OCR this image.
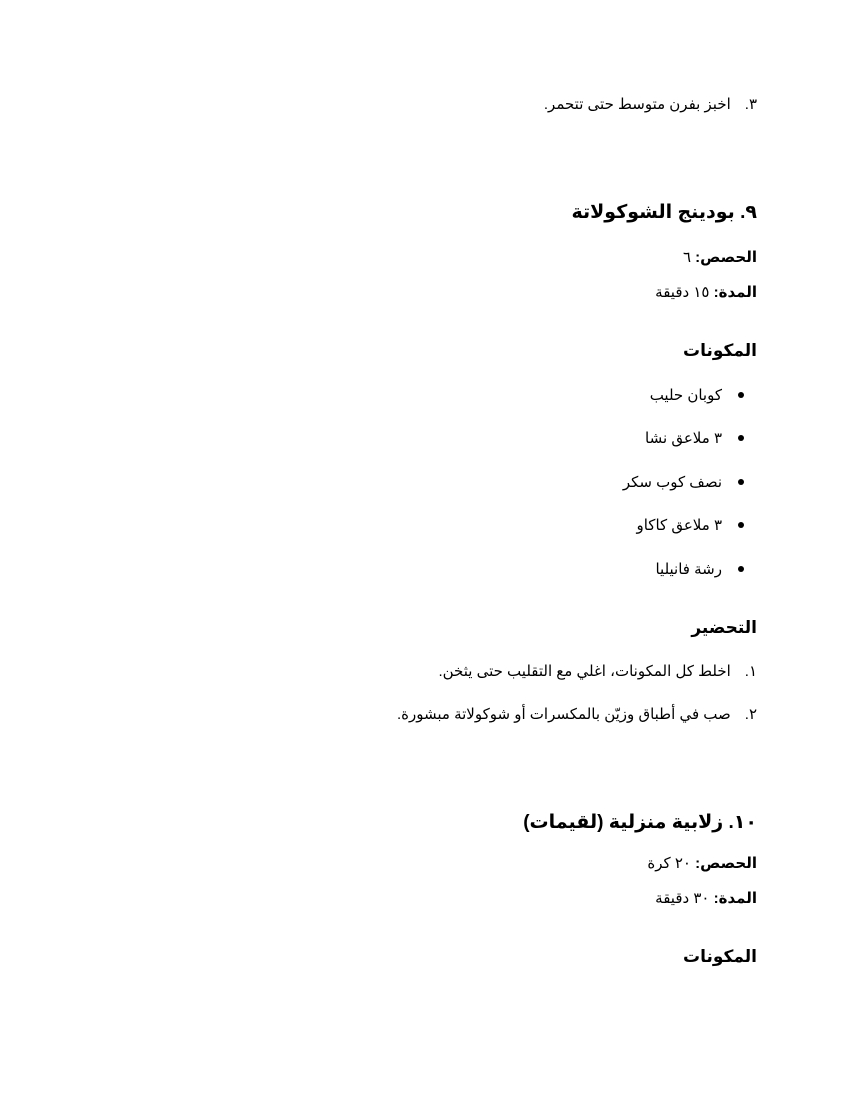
٣.اخبز بفرن متوسط حتى تتحمر.
٩. بودينج الشوكولاتة
الحصص: ٦
المدة: ١٥ دقيقة
المكونات
كوبان حليب
٣ ملاعق نشا
نصف كوب سكر
٣ ملاعق كاكاو
رشة فانيليا
التحضير
١.اخلط كل المكونات، اغلي مع التقليب حتى يثخن.
٢.صب في أطباق وزيّن بالمكسرات أو شوكولاتة مبشورة.
١٠. زلابية منزلية (لقيمات)
الحصص: ٢٠ كرة
المدة: ٣٠ دقيقة
المكونات
